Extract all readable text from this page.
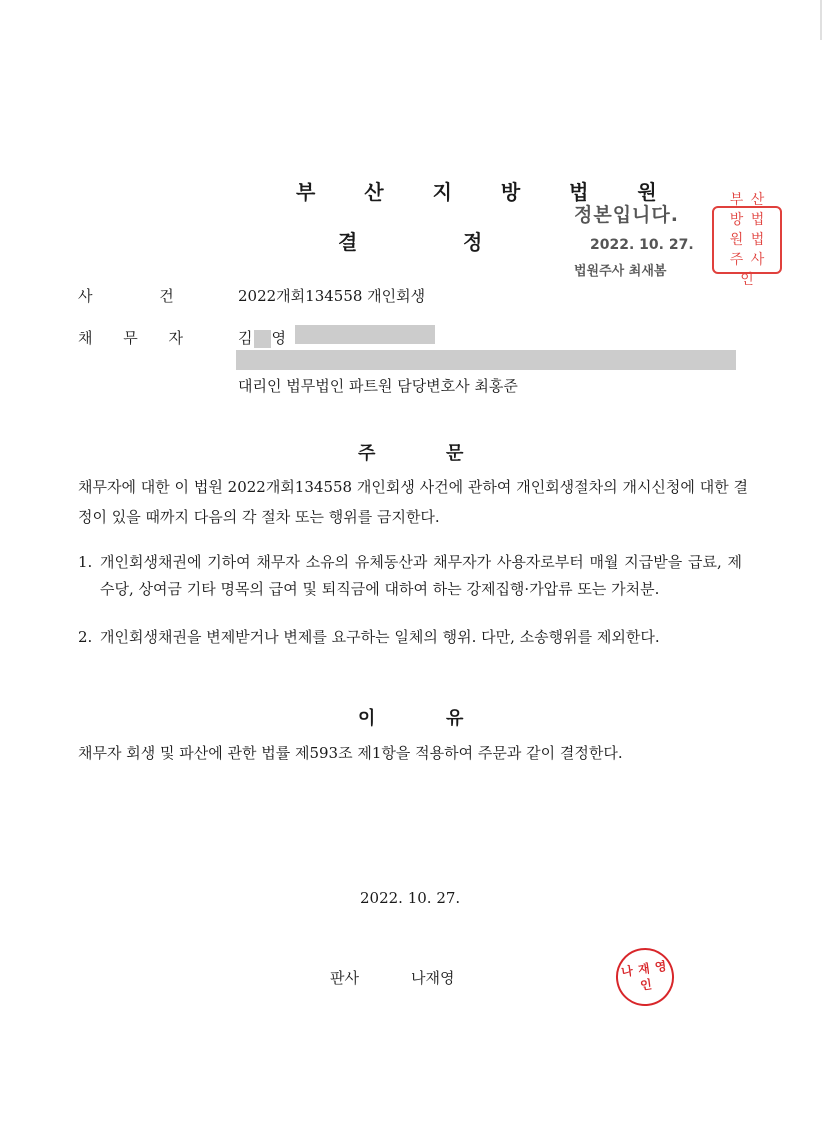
부 산 지 방 법 원
결	정
정본입니다.
2022. 10. 27.
법원주사 최새봄
부 산
방 법
원 법
주 사
인
사 건	2022개회134558 개인회생
채 무 자	김 영
대리인 법무법인 파트원 담당변호사 최홍준
주	문
채무자에 대한 이 법원 2022개회134558 개인회생 사건에 관하여 개인회생절차의 개시신청에 대한 결정이 있을 때까지 다음의 각 절차 또는 행위를 금지한다.
1. 개인회생채권에 기하여 채무자 소유의 유체동산과 채무자가 사용자로부터 매월 지급받을 급료, 제수당, 상여금 기타 명목의 급여 및 퇴직금에 대하여 하는 강제집행·가압류 또는 가처분.
2. 개인회생채권을 변제받거나 변제를 요구하는 일체의 행위. 다만, 소송행위를 제외한다.
이	유
채무자 회생 및 파산에 관한 법률 제593조 제1항을 적용하여 주문과 같이 결정한다.
2022. 10. 27.
판사	나재영	나 재 영
인
